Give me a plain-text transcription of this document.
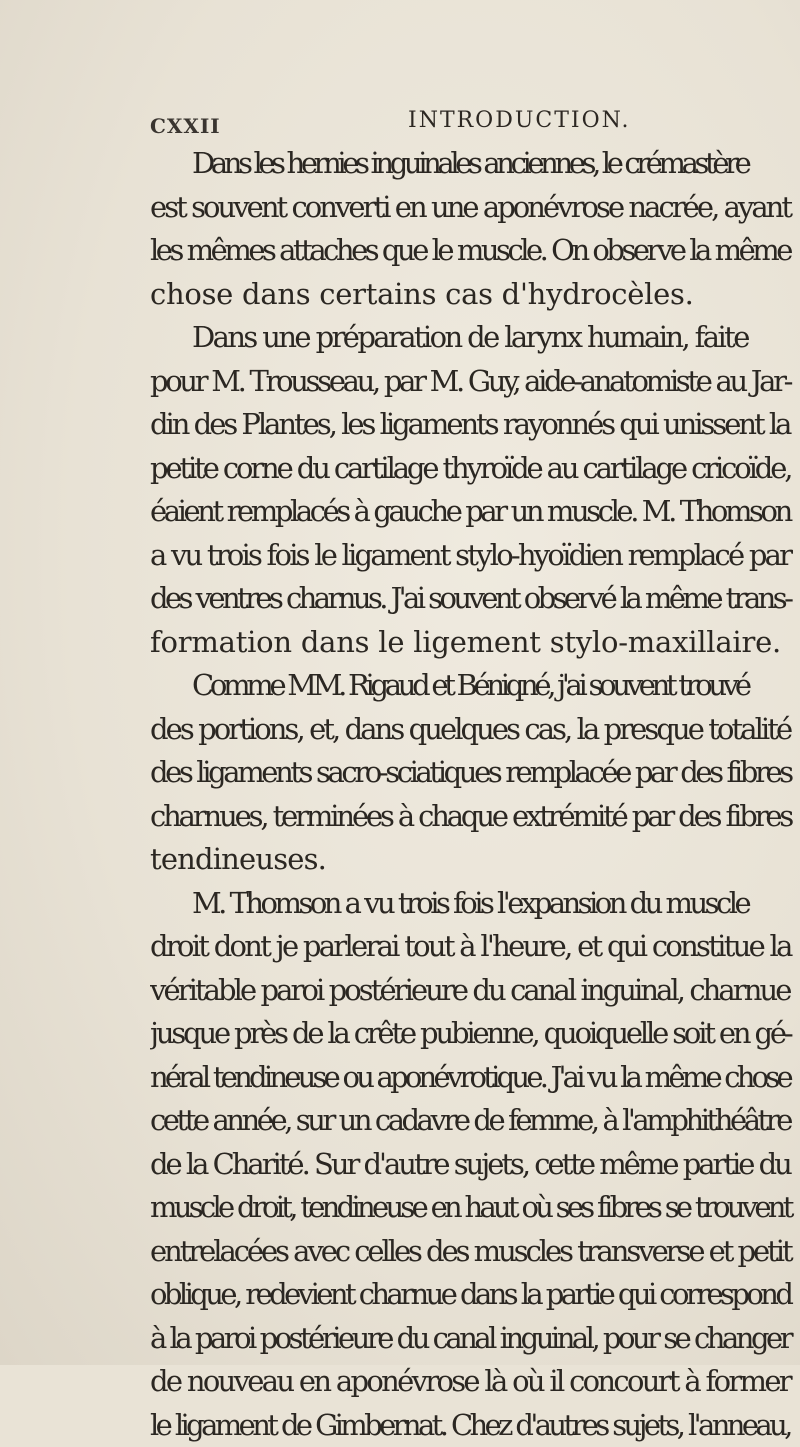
CXXII	INTRODUCTION.

Dans les hernies inguinales anciennes, le crémastère
est souvent converti en une aponévrose nacrée, ayant
les mêmes attaches que le muscle. On observe la même
chose dans certains cas d'hydrocèles.

Dans une préparation de larynx humain, faite
pour M. Trousseau, par M. Guy, aide-anatomiste au Jar-
din des Plantes, les ligaments rayonnés qui unissent la
petite corne du cartilage thyroïde au cartilage cricoïde,
éaient remplacés à gauche par un muscle. M. Thomson
a vu trois fois le ligament stylo-hyoïdien remplacé par
des ventres charnus. J'ai souvent observé la même trans-
formation dans le ligement stylo-maxillaire.

Comme MM. Rigaud et Béniqné, j'ai souvent trouvé
des portions, et, dans quelques cas, la presque totalité
des ligaments sacro-sciatiques remplacée par des fibres
charnues, terminées à chaque extrémité par des fibres
tendineuses.

M. Thomson a vu trois fois l'expansion du muscle
droit dont je parlerai tout à l'heure, et qui constitue la
véritable paroi postérieure du canal inguinal, charnue
jusque près de la crête pubienne, quoiquelle soit en gé-
néral tendineuse ou aponévrotique. J'ai vu la même chose
cette année, sur un cadavre de femme, à l'amphithéâtre
de la Charité. Sur d'autre sujets, cette même partie du
muscle droit, tendineuse en haut où ses fibres se trouvent
entrelacées avec celles des muscles transverse et petit
oblique, redevient charnue dans la partie qui correspond
à la paroi postérieure du canal inguinal, pour se changer
de nouveau en aponévrose là où il concourt à former
le ligament de Gimbernat. Chez d'autres sujets, l'anneau,
